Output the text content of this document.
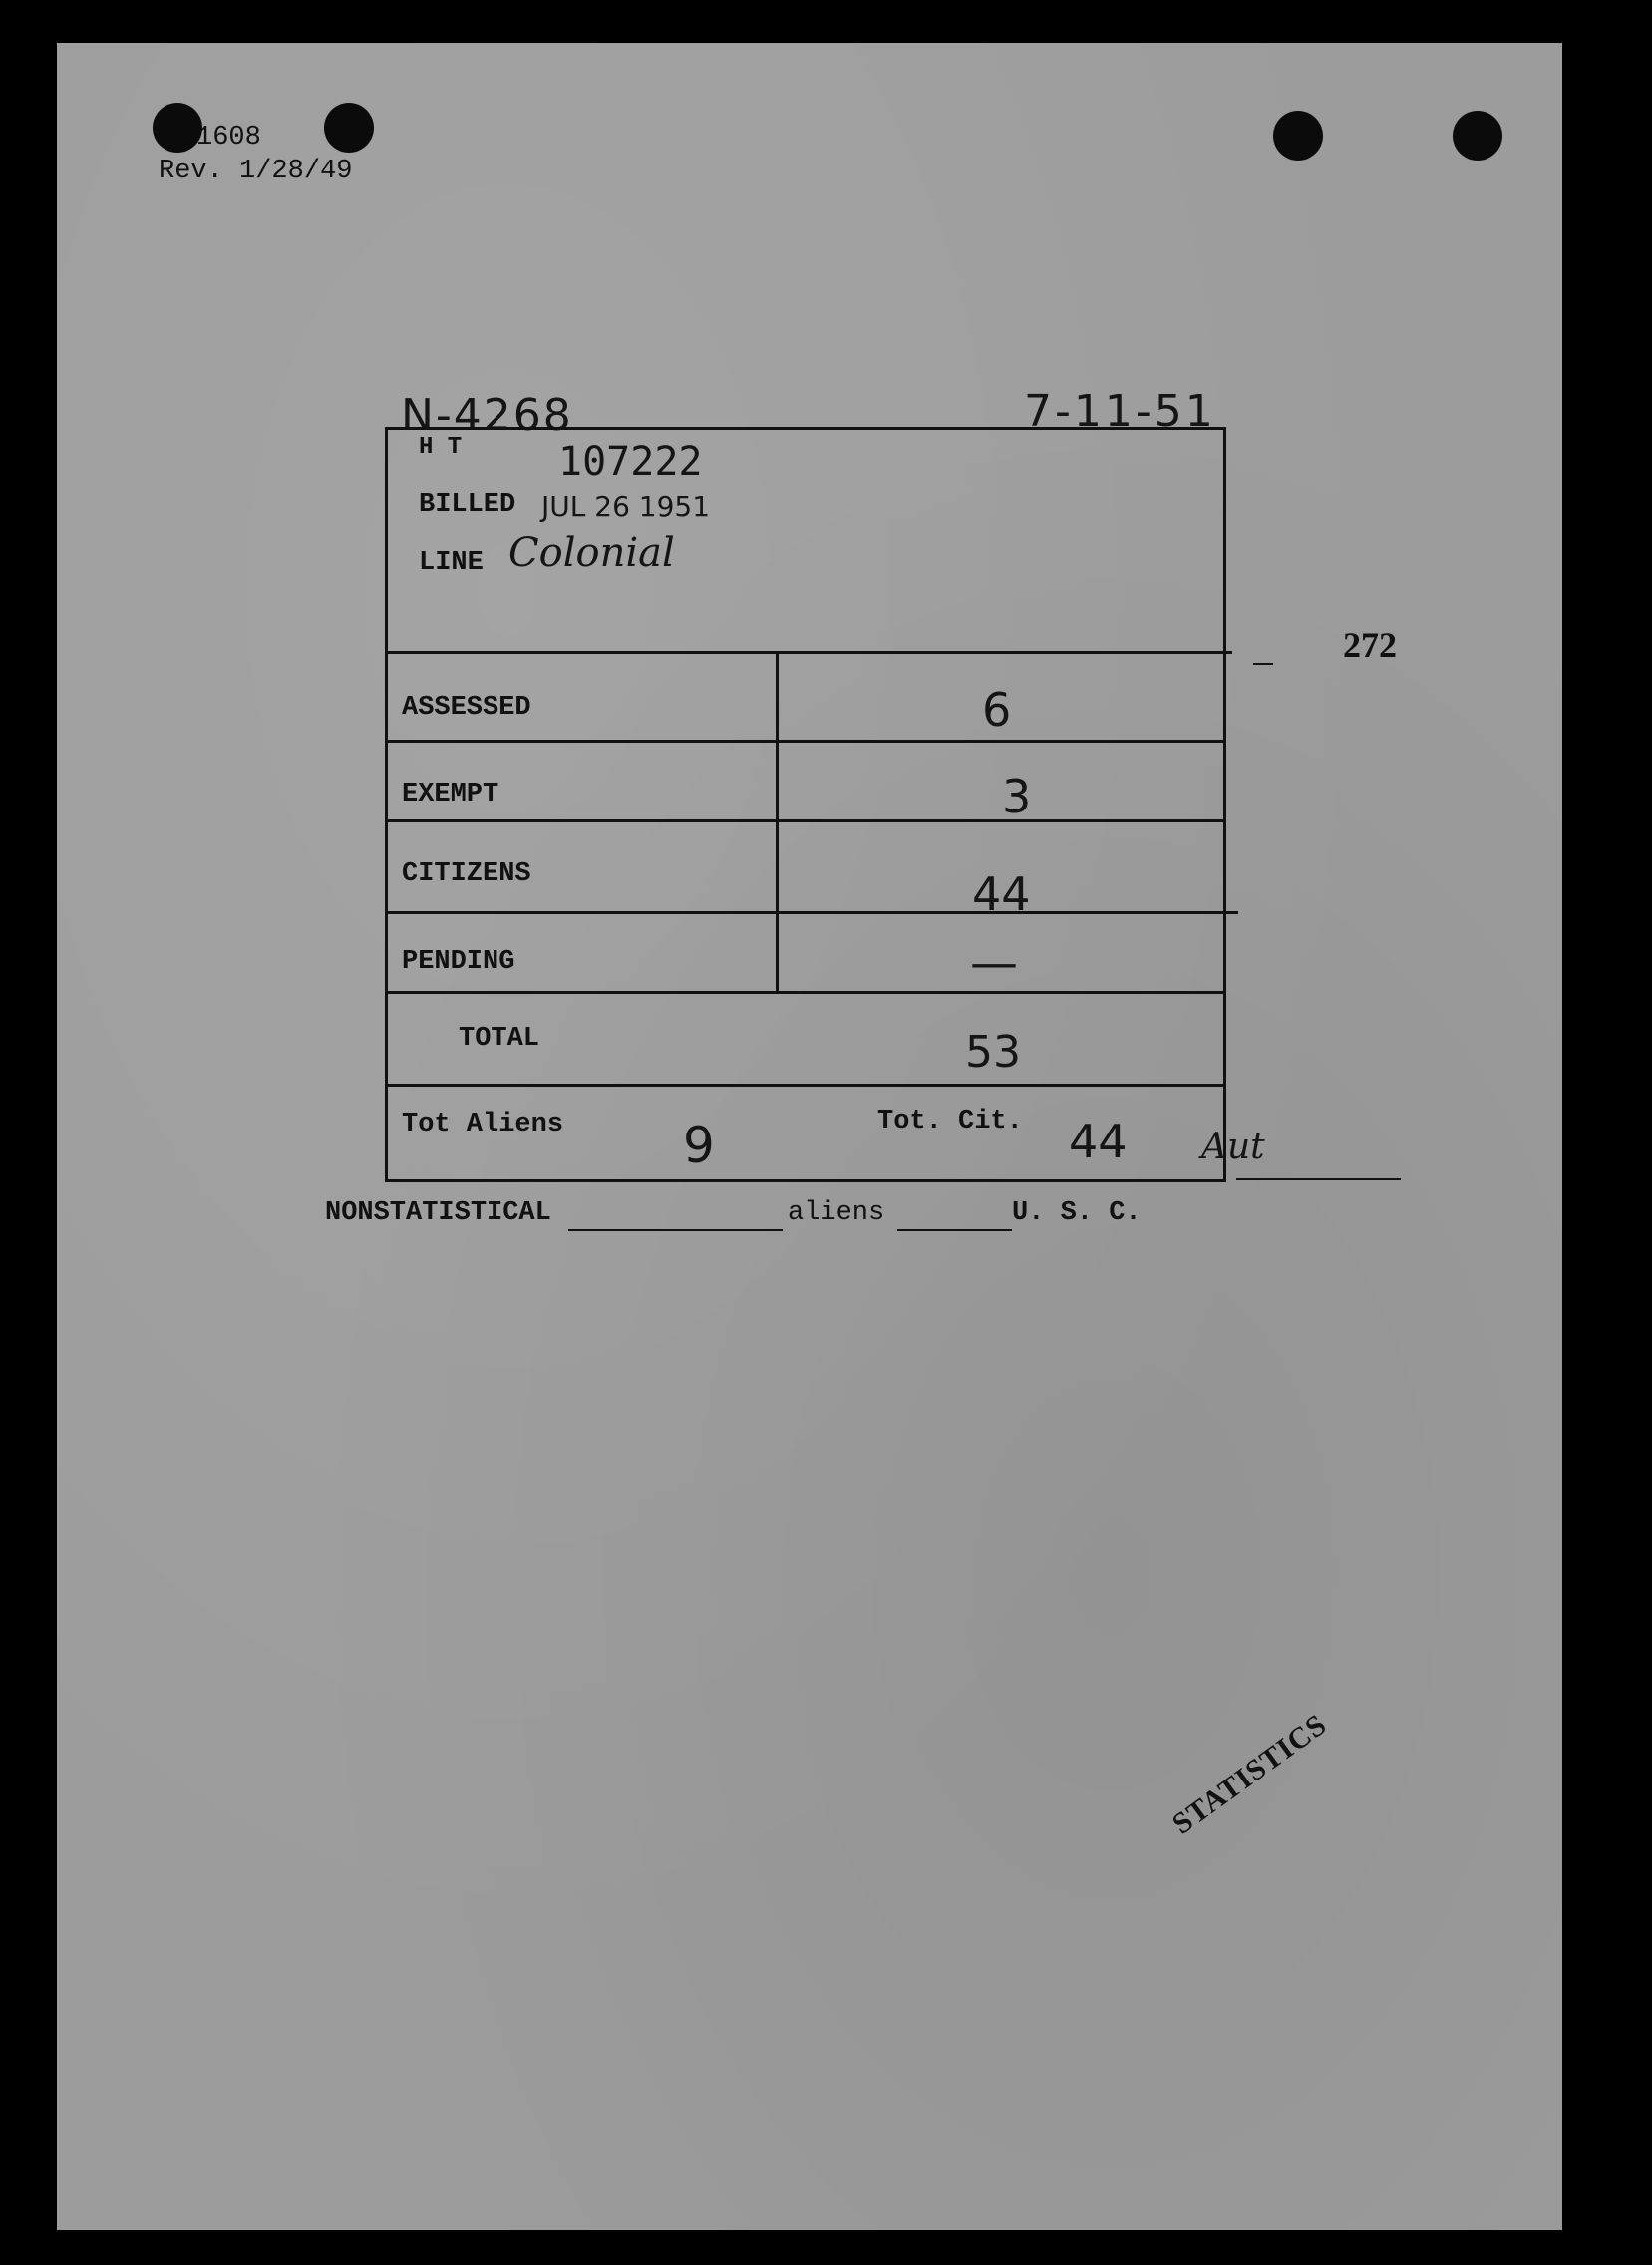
1608
Rev. 1/28/49
N-4268	7-11-51
272
H T 107222
BILLED JUL 26 1951
LINE Colonial
ASSESSED	6
EXEMPT	3
CITIZENS	44
PENDING	—
TOTAL	53
Tot Aliens 9	Tot. Cit. 44 Aut
NONSTATISTICAL	aliens	U. S. C.
STATISTICS
